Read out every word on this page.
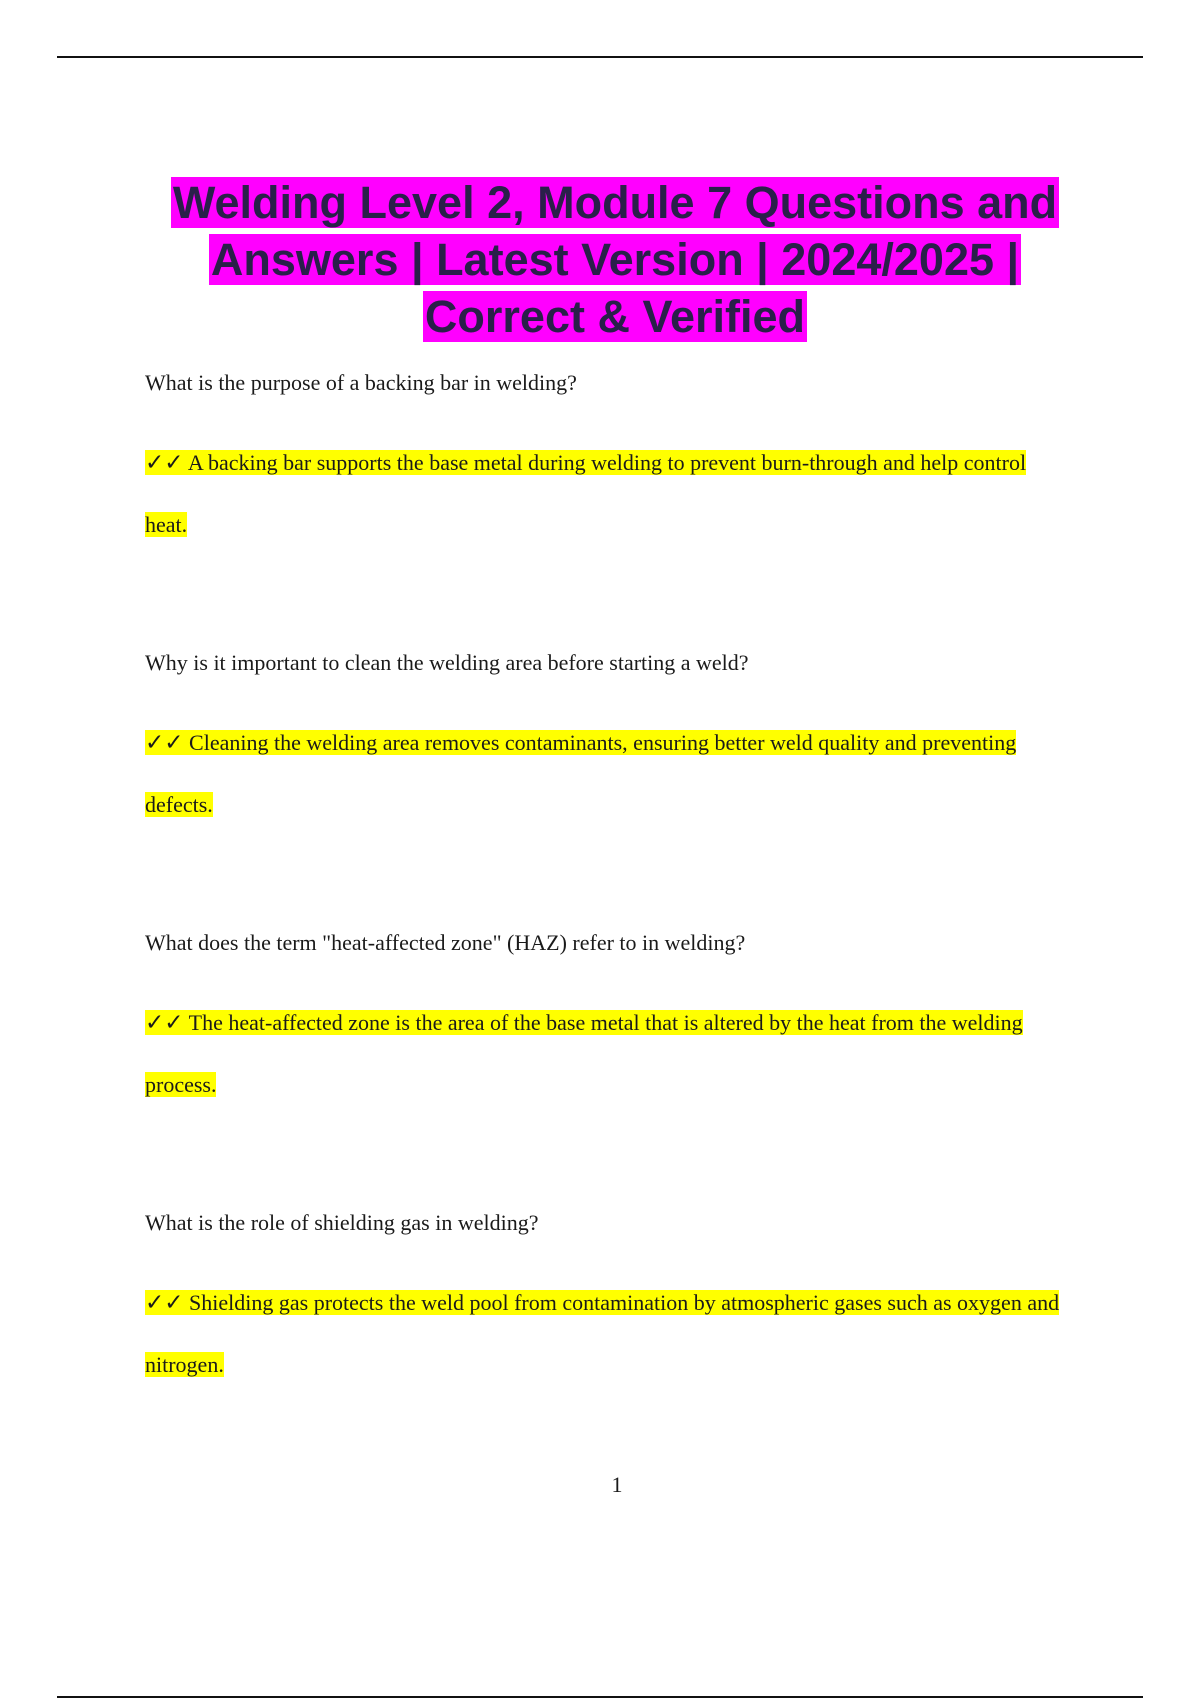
Welding Level 2, Module 7 Questions and Answers | Latest Version | 2024/2025 | Correct & Verified

What is the purpose of a backing bar in welding?

✓✓ A backing bar supports the base metal during welding to prevent burn-through and help control heat.

Why is it important to clean the welding area before starting a weld?

✓✓ Cleaning the welding area removes contaminants, ensuring better weld quality and preventing defects.

What does the term "heat-affected zone" (HAZ) refer to in welding?

✓✓ The heat-affected zone is the area of the base metal that is altered by the heat from the welding process.

What is the role of shielding gas in welding?

✓✓ Shielding gas protects the weld pool from contamination by atmospheric gases such as oxygen and nitrogen.

1
